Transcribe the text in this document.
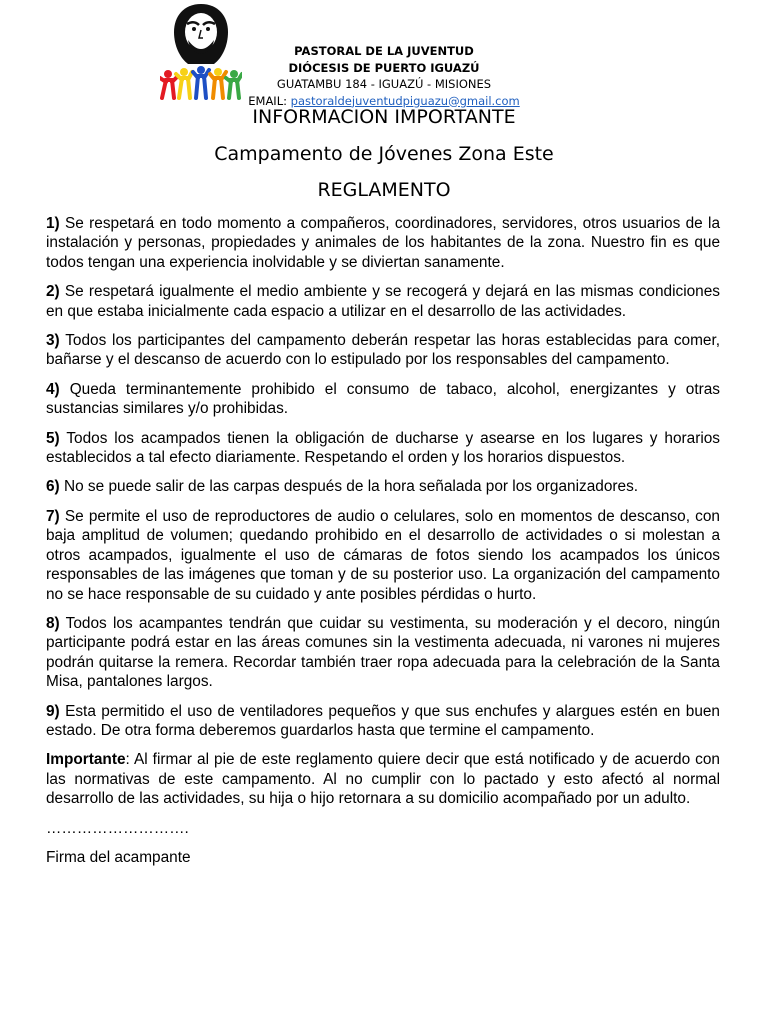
PASTORAL DE LA JUVENTUD
DIÓCESIS DE PUERTO IGUAZÚ
GUATAMBU 184 - IGUAZÚ - MISIONES
EMAIL: pastoraldejuventudpiguazu@gmail.com
INFORMACION IMPORTANTE
Campamento de Jóvenes Zona Este
REGLAMENTO

1) Se respetará en todo momento a compañeros, coordinadores, servidores, otros usuarios de la instalación y personas, propiedades y animales de los habitantes de la zona. Nuestro fin es que todos tengan una experiencia inolvidable y se diviertan sanamente.

2) Se respetará igualmente el medio ambiente y se recogerá y dejará en las mismas condiciones en que estaba inicialmente cada espacio a utilizar en el desarrollo de las actividades.

3) Todos los participantes del campamento deberán respetar las horas establecidas para comer, bañarse y el descanso de acuerdo con lo estipulado por los responsables del campamento.

4) Queda terminantemente prohibido el consumo de tabaco, alcohol, energizantes y otras sustancias similares y/o prohibidas.

5) Todos los acampados tienen la obligación de ducharse y asearse en los lugares y horarios establecidos a tal efecto diariamente. Respetando el orden y los horarios dispuestos.

6) No se puede salir de las carpas después de la hora señalada por los organizadores.

7) Se permite el uso de reproductores de audio o celulares, solo en momentos de descanso, con baja amplitud de volumen; quedando prohibido en el desarrollo de actividades o si molestan a otros acampados, igualmente el uso de cámaras de fotos siendo los acampados los únicos responsables de las imágenes que toman y de su posterior uso. La organización del campamento no se hace responsable de su cuidado y ante posibles pérdidas o hurto.

8) Todos los acampantes tendrán que cuidar su vestimenta, su moderación y el decoro, ningún participante podrá estar en las áreas comunes sin la vestimenta adecuada, ni varones ni mujeres podrán quitarse la remera. Recordar también traer ropa adecuada para la celebración de la Santa Misa, pantalones largos.

9) Esta permitido el uso de ventiladores pequeños y que sus enchufes y alargues estén en buen estado. De otra forma deberemos guardarlos hasta que termine el campamento.

Importante: Al firmar al pie de este reglamento quiere decir que está notificado y de acuerdo con las normativas de este campamento. Al no cumplir con lo pactado y esto afectó al normal desarrollo de las actividades, su hija o hijo retornara a su domicilio acompañado por un adulto.

……………………….

Firma del acampante
